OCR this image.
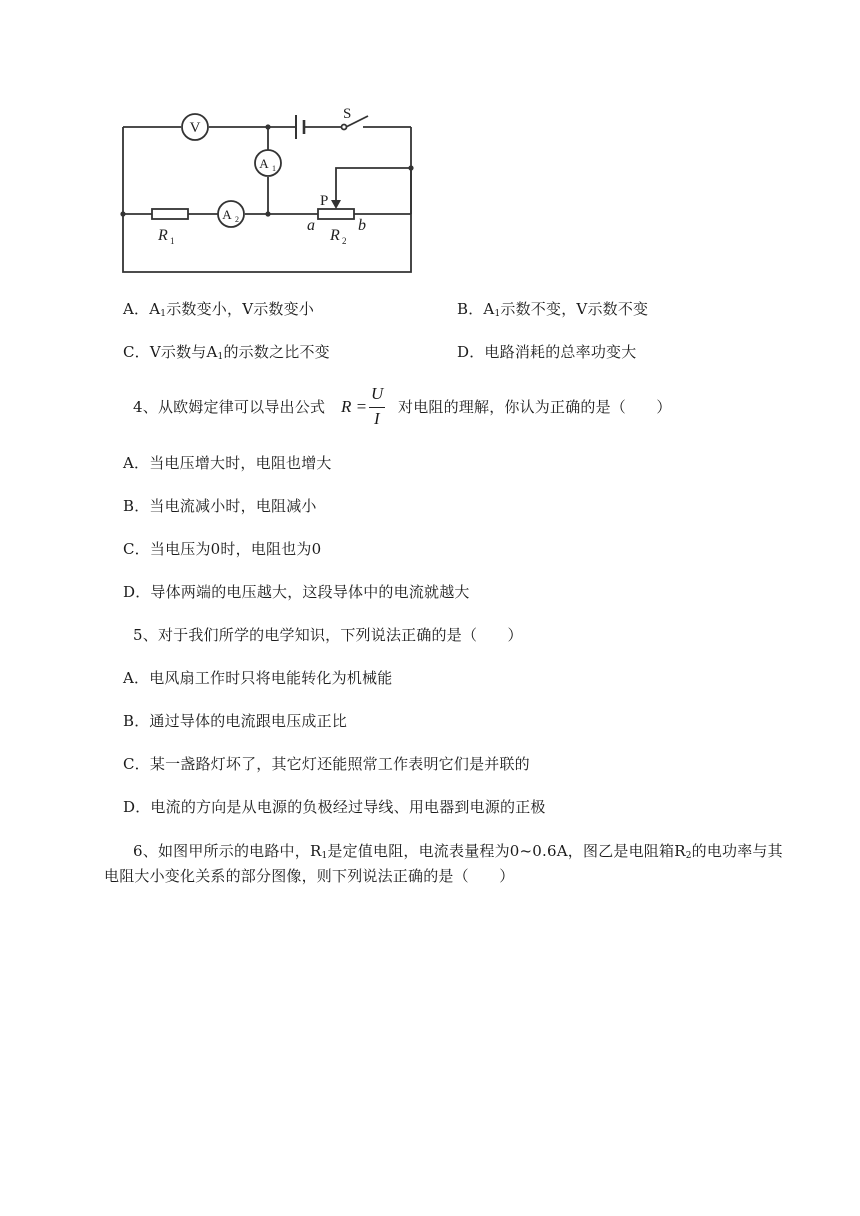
V
A 1
A 2
S
P
R 1	R 2
a	b
A．$A_1$示数变小，V示数变小	B．$A_1$示数不变，V示数不变
C．V示数与$A_1$的示数之比不变	D．电路消耗的总率功变大
4、从欧姆定律可以导出公式 R =
U
I
对电阻的理解，你认为正确的是（　　）
A．当电压增大时，电阻也增大
B．当电流减小时，电阻减小
C．当电压为0时，电阻也为0
D．导体两端的电压越大，这段导体中的电流就越大
5、对于我们所学的电学知识，下列说法正确的是（　　）
A．电风扇工作时只将电能转化为机械能
B．通过导体的电流跟电压成正比
C．某一盏路灯坏了，其它灯还能照常工作表明它们是并联的
D．电流的方向是从电源的负极经过导线、用电器到电源的正极
6、如图甲所示的电路中，$R_1$是定值电阻，电流表量程为0~0.6A，图乙是电阻箱$R_2$的电功率与其
电阻大小变化关系的部分图像，则下列说法正确的是（　　）
